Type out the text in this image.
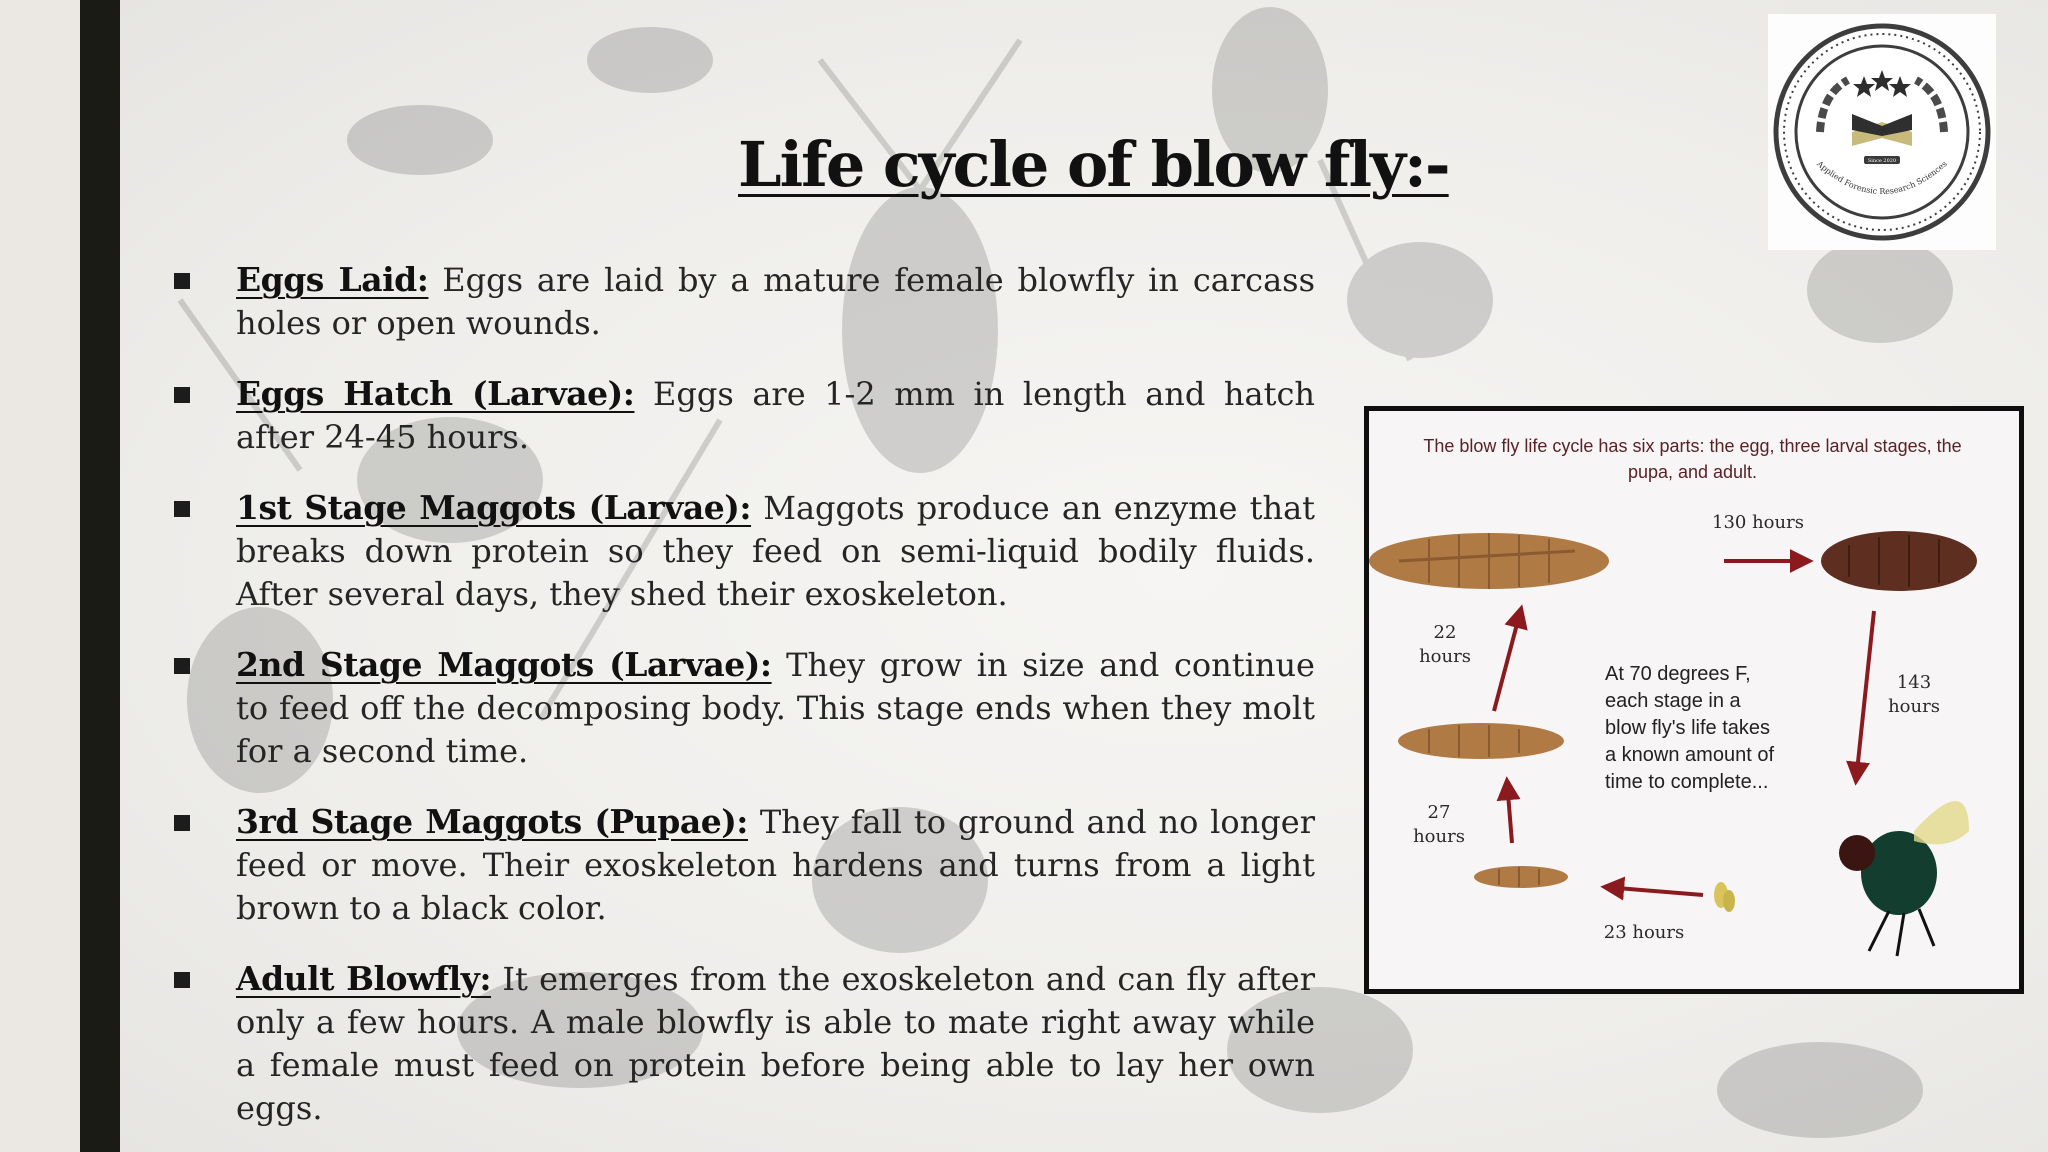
Life cycle of blow fly:-
Eggs Laid: Eggs are laid by a mature female blowfly in carcass holes or open wounds.
Eggs Hatch (Larvae): Eggs are 1-2 mm in length and hatch after 24-45 hours.
1st Stage Maggots (Larvae): Maggots produce an enzyme that breaks down protein so they feed on semi-liquid bodily fluids. After several days, they shed their exoskeleton.
2nd Stage Maggots (Larvae): They grow in size and continue to feed off the decomposing body. This stage ends when they molt for a second time.
3rd Stage Maggots (Pupae): They fall to ground and no longer feed or move. Their exoskeleton hardens and turns from a light brown to a black color.
Adult Blowfly: It emerges from the exoskeleton and can fly after only a few hours. A male blowfly is able to mate right away while a female must feed on protein before being able to lay her own eggs.
Applied Forensic Research Sciences
Since 2020
The blow fly life cycle has six parts: the egg, three larval stages, the pupa, and adult.
130 hours
143 hours
23 hours
22 hours
27 hours
At 70 degrees F, each stage in a blow fly's life takes a known amount of time to complete...
